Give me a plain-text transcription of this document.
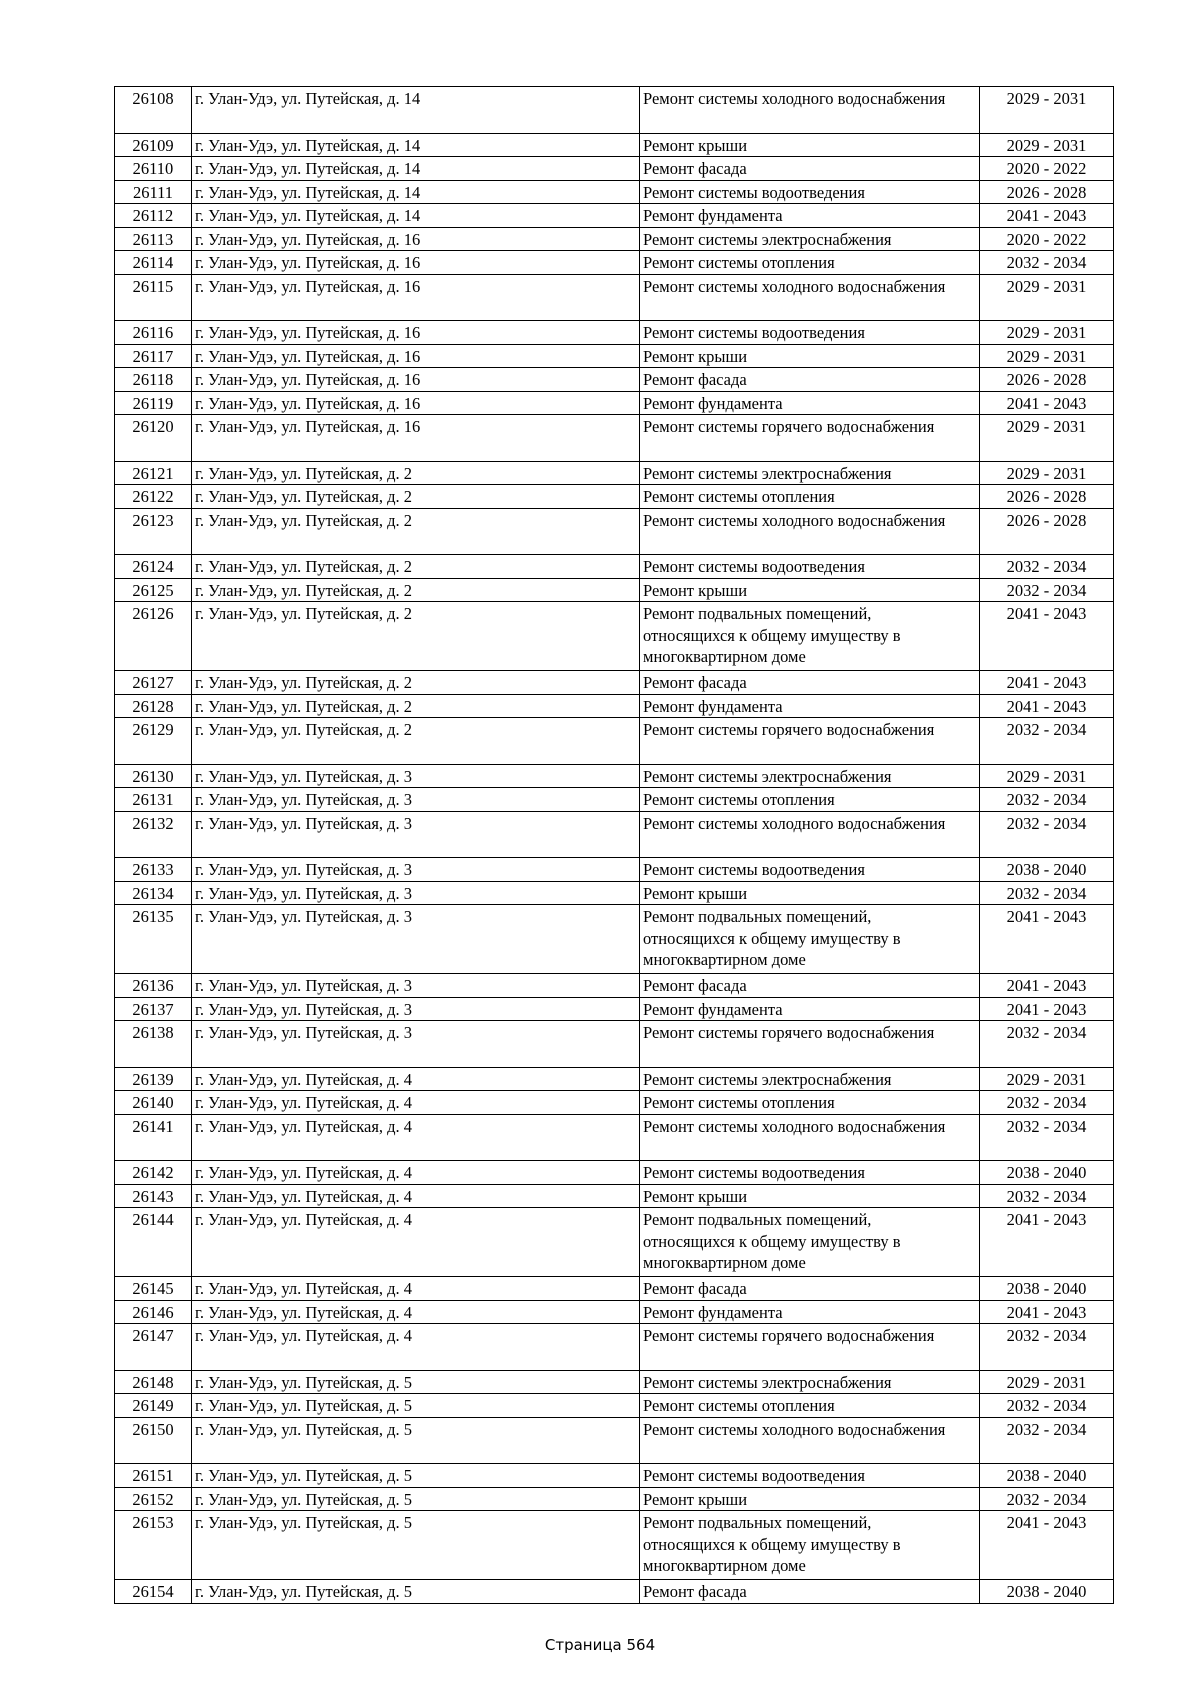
26108	г. Улан-Удэ, ул. Путейская, д. 14	Ремонт системы холодного водоснабжения	2029 - 2031
26109	г. Улан-Удэ, ул. Путейская, д. 14	Ремонт крыши	2029 - 2031
26110	г. Улан-Удэ, ул. Путейская, д. 14	Ремонт фасада	2020 - 2022
26111	г. Улан-Удэ, ул. Путейская, д. 14	Ремонт системы водоотведения	2026 - 2028
26112	г. Улан-Удэ, ул. Путейская, д. 14	Ремонт фундамента	2041 - 2043
26113	г. Улан-Удэ, ул. Путейская, д. 16	Ремонт системы электроснабжения	2020 - 2022
26114	г. Улан-Удэ, ул. Путейская, д. 16	Ремонт системы отопления	2032 - 2034
26115	г. Улан-Удэ, ул. Путейская, д. 16	Ремонт системы холодного водоснабжения	2029 - 2031
26116	г. Улан-Удэ, ул. Путейская, д. 16	Ремонт системы водоотведения	2029 - 2031
26117	г. Улан-Удэ, ул. Путейская, д. 16	Ремонт крыши	2029 - 2031
26118	г. Улан-Удэ, ул. Путейская, д. 16	Ремонт фасада	2026 - 2028
26119	г. Улан-Удэ, ул. Путейская, д. 16	Ремонт фундамента	2041 - 2043
26120	г. Улан-Удэ, ул. Путейская, д. 16	Ремонт системы горячего водоснабжения	2029 - 2031
26121	г. Улан-Удэ, ул. Путейская, д. 2	Ремонт системы электроснабжения	2029 - 2031
26122	г. Улан-Удэ, ул. Путейская, д. 2	Ремонт системы отопления	2026 - 2028
26123	г. Улан-Удэ, ул. Путейская, д. 2	Ремонт системы холодного водоснабжения	2026 - 2028
26124	г. Улан-Удэ, ул. Путейская, д. 2	Ремонт системы водоотведения	2032 - 2034
26125	г. Улан-Удэ, ул. Путейская, д. 2	Ремонт крыши	2032 - 2034
26126	г. Улан-Удэ, ул. Путейская, д. 2	Ремонт подвальных помещений,
относящихся к общему имуществу в
многоквартирном доме	2041 - 2043
26127	г. Улан-Удэ, ул. Путейская, д. 2	Ремонт фасада	2041 - 2043
26128	г. Улан-Удэ, ул. Путейская, д. 2	Ремонт фундамента	2041 - 2043
26129	г. Улан-Удэ, ул. Путейская, д. 2	Ремонт системы горячего водоснабжения	2032 - 2034
26130	г. Улан-Удэ, ул. Путейская, д. 3	Ремонт системы электроснабжения	2029 - 2031
26131	г. Улан-Удэ, ул. Путейская, д. 3	Ремонт системы отопления	2032 - 2034
26132	г. Улан-Удэ, ул. Путейская, д. 3	Ремонт системы холодного водоснабжения	2032 - 2034
26133	г. Улан-Удэ, ул. Путейская, д. 3	Ремонт системы водоотведения	2038 - 2040
26134	г. Улан-Удэ, ул. Путейская, д. 3	Ремонт крыши	2032 - 2034
26135	г. Улан-Удэ, ул. Путейская, д. 3	Ремонт подвальных помещений,
относящихся к общему имуществу в
многоквартирном доме	2041 - 2043
26136	г. Улан-Удэ, ул. Путейская, д. 3	Ремонт фасада	2041 - 2043
26137	г. Улан-Удэ, ул. Путейская, д. 3	Ремонт фундамента	2041 - 2043
26138	г. Улан-Удэ, ул. Путейская, д. 3	Ремонт системы горячего водоснабжения	2032 - 2034
26139	г. Улан-Удэ, ул. Путейская, д. 4	Ремонт системы электроснабжения	2029 - 2031
26140	г. Улан-Удэ, ул. Путейская, д. 4	Ремонт системы отопления	2032 - 2034
26141	г. Улан-Удэ, ул. Путейская, д. 4	Ремонт системы холодного водоснабжения	2032 - 2034
26142	г. Улан-Удэ, ул. Путейская, д. 4	Ремонт системы водоотведения	2038 - 2040
26143	г. Улан-Удэ, ул. Путейская, д. 4	Ремонт крыши	2032 - 2034
26144	г. Улан-Удэ, ул. Путейская, д. 4	Ремонт подвальных помещений,
относящихся к общему имуществу в
многоквартирном доме	2041 - 2043
26145	г. Улан-Удэ, ул. Путейская, д. 4	Ремонт фасада	2038 - 2040
26146	г. Улан-Удэ, ул. Путейская, д. 4	Ремонт фундамента	2041 - 2043
26147	г. Улан-Удэ, ул. Путейская, д. 4	Ремонт системы горячего водоснабжения	2032 - 2034
26148	г. Улан-Удэ, ул. Путейская, д. 5	Ремонт системы электроснабжения	2029 - 2031
26149	г. Улан-Удэ, ул. Путейская, д. 5	Ремонт системы отопления	2032 - 2034
26150	г. Улан-Удэ, ул. Путейская, д. 5	Ремонт системы холодного водоснабжения	2032 - 2034
26151	г. Улан-Удэ, ул. Путейская, д. 5	Ремонт системы водоотведения	2038 - 2040
26152	г. Улан-Удэ, ул. Путейская, д. 5	Ремонт крыши	2032 - 2034
26153	г. Улан-Удэ, ул. Путейская, д. 5	Ремонт подвальных помещений,
относящихся к общему имуществу в
многоквартирном доме	2041 - 2043
26154	г. Улан-Удэ, ул. Путейская, д. 5	Ремонт фасада	2038 - 2040
Страница 564
